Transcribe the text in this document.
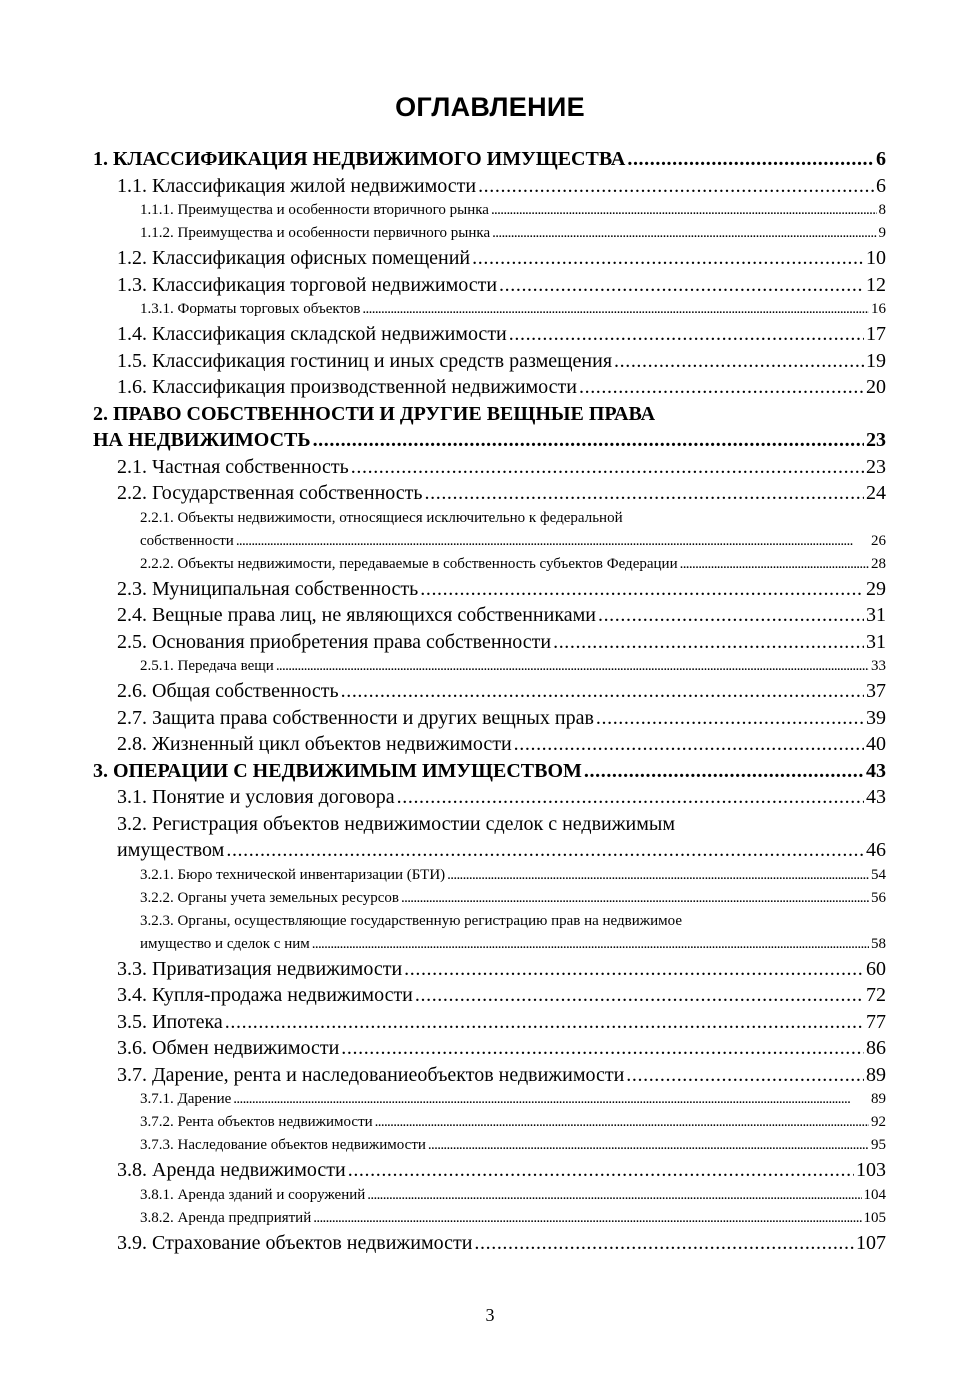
ОГЛАВЛЕНИЕ
1. КЛАССИФИКАЦИЯ НЕДВИЖИМОГО ИМУЩЕСТВА . . .	6
1.1. Классификация жилой недвижимости . . .	6
1.1.1. Преимущества и особенности вторичного рынка . . .	8
1.1.2. Преимущества и особенности первичного рынка . . .	9
1.2. Классификация офисных помещений . . .	10
1.3. Классификация торговой недвижимости . . .	12
1.3.1. Форматы торговых объектов . . .	16
1.4. Классификация складской недвижимости . . .	17
1.5. Классификация гостиниц и иных средств размещения . . .	19
1.6. Классификация производственной недвижимости . . .	20
2. ПРАВО СОБСТВЕННОСТИ И ДРУГИЕ ВЕЩНЫЕ ПРАВА
НА НЕДВИЖИМОСТЬ . . .	23
2.1. Частная собственность . . .	23
2.2. Государственная собственность . . .	24
2.2.1. Объекты недвижимости, относящиеся исключительно к федеральной
собственности . . .	26
2.2.2. Объекты недвижимости, передаваемые в собственность субъектов Федерации . . .	28
2.3. Муниципальная собственность . . .	29
2.4. Вещные права лиц, не являющихся собственниками . . .	31
2.5. Основания приобретения права собственности . . .	31
2.5.1. Передача вещи . . .	33
2.6. Общая собственность . . .	37
2.7. Защита права собственности и других вещных прав . . .	39
2.8. Жизненный цикл объектов недвижимости . . .	40
3. ОПЕРАЦИИ С НЕДВИЖИМЫМ ИМУЩЕСТВОМ . . .	43
3.1. Понятие и условия договора . . .	43
3.2. Регистрация объектов недвижимостии сделок с недвижимым
имуществом . . .	46
3.2.1. Бюро технической инвентаризации (БТИ) . . .	54
3.2.2. Органы учета земельных ресурсов . . .	56
3.2.3. Органы, осуществляющие государственную регистрацию прав на недвижимое
имущество и сделок с ним . . .	58
3.3. Приватизация недвижимости . . .	60
3.4. Купля-продажа недвижимости . . .	72
3.5. Ипотека . . .	77
3.6. Обмен недвижимости . . .	86
3.7. Дарение, рента и наследованиеобъектов недвижимости . . .	89
3.7.1. Дарение . . .	89
3.7.2. Рента объектов недвижимости . . .	92
3.7.3. Наследование объектов недвижимости . . .	95
3.8. Аренда недвижимости . . .	103
3.8.1. Аренда зданий и сооружений . . .	104
3.8.2. Аренда предприятий . . .	105
3.9. Страхование объектов недвижимости . . .	107
3
